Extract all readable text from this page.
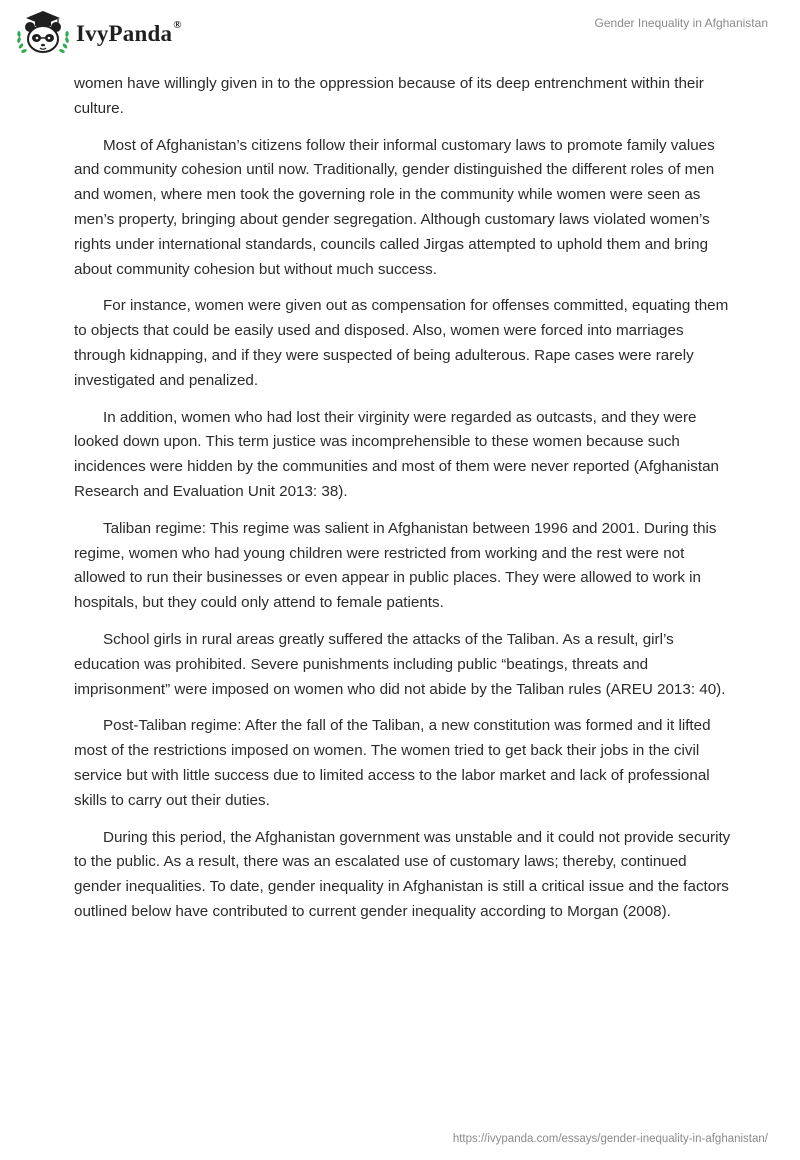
IvyPanda®	Gender Inequality in Afghanistan

women have willingly given in to the oppression because of its deep entrenchment within their culture.

Most of Afghanistan’s citizens follow their informal customary laws to promote family values and community cohesion until now. Traditionally, gender distinguished the different roles of men and women, where men took the governing role in the community while women were seen as men’s property, bringing about gender segregation. Although customary laws violated women’s rights under international standards, councils called Jirgas attempted to uphold them and bring about community cohesion but without much success.

For instance, women were given out as compensation for offenses committed, equating them to objects that could be easily used and disposed. Also, women were forced into marriages through kidnapping, and if they were suspected of being adulterous. Rape cases were rarely investigated and penalized.

In addition, women who had lost their virginity were regarded as outcasts, and they were looked down upon. This term justice was incomprehensible to these women because such incidences were hidden by the communities and most of them were never reported (Afghanistan Research and Evaluation Unit 2013: 38).

Taliban regime: This regime was salient in Afghanistan between 1996 and 2001. During this regime, women who had young children were restricted from working and the rest were not allowed to run their businesses or even appear in public places. They were allowed to work in hospitals, but they could only attend to female patients.

School girls in rural areas greatly suffered the attacks of the Taliban. As a result, girl’s education was prohibited. Severe punishments including public “beatings, threats and imprisonment” were imposed on women who did not abide by the Taliban rules (AREU 2013: 40).

Post-Taliban regime: After the fall of the Taliban, a new constitution was formed and it lifted most of the restrictions imposed on women. The women tried to get back their jobs in the civil service but with little success due to limited access to the labor market and lack of professional skills to carry out their duties.

During this period, the Afghanistan government was unstable and it could not provide security to the public. As a result, there was an escalated use of customary laws; thereby, continued gender inequalities. To date, gender inequality in Afghanistan is still a critical issue and the factors outlined below have contributed to current gender inequality according to Morgan (2008).

https://ivypanda.com/essays/gender-inequality-in-afghanistan/
